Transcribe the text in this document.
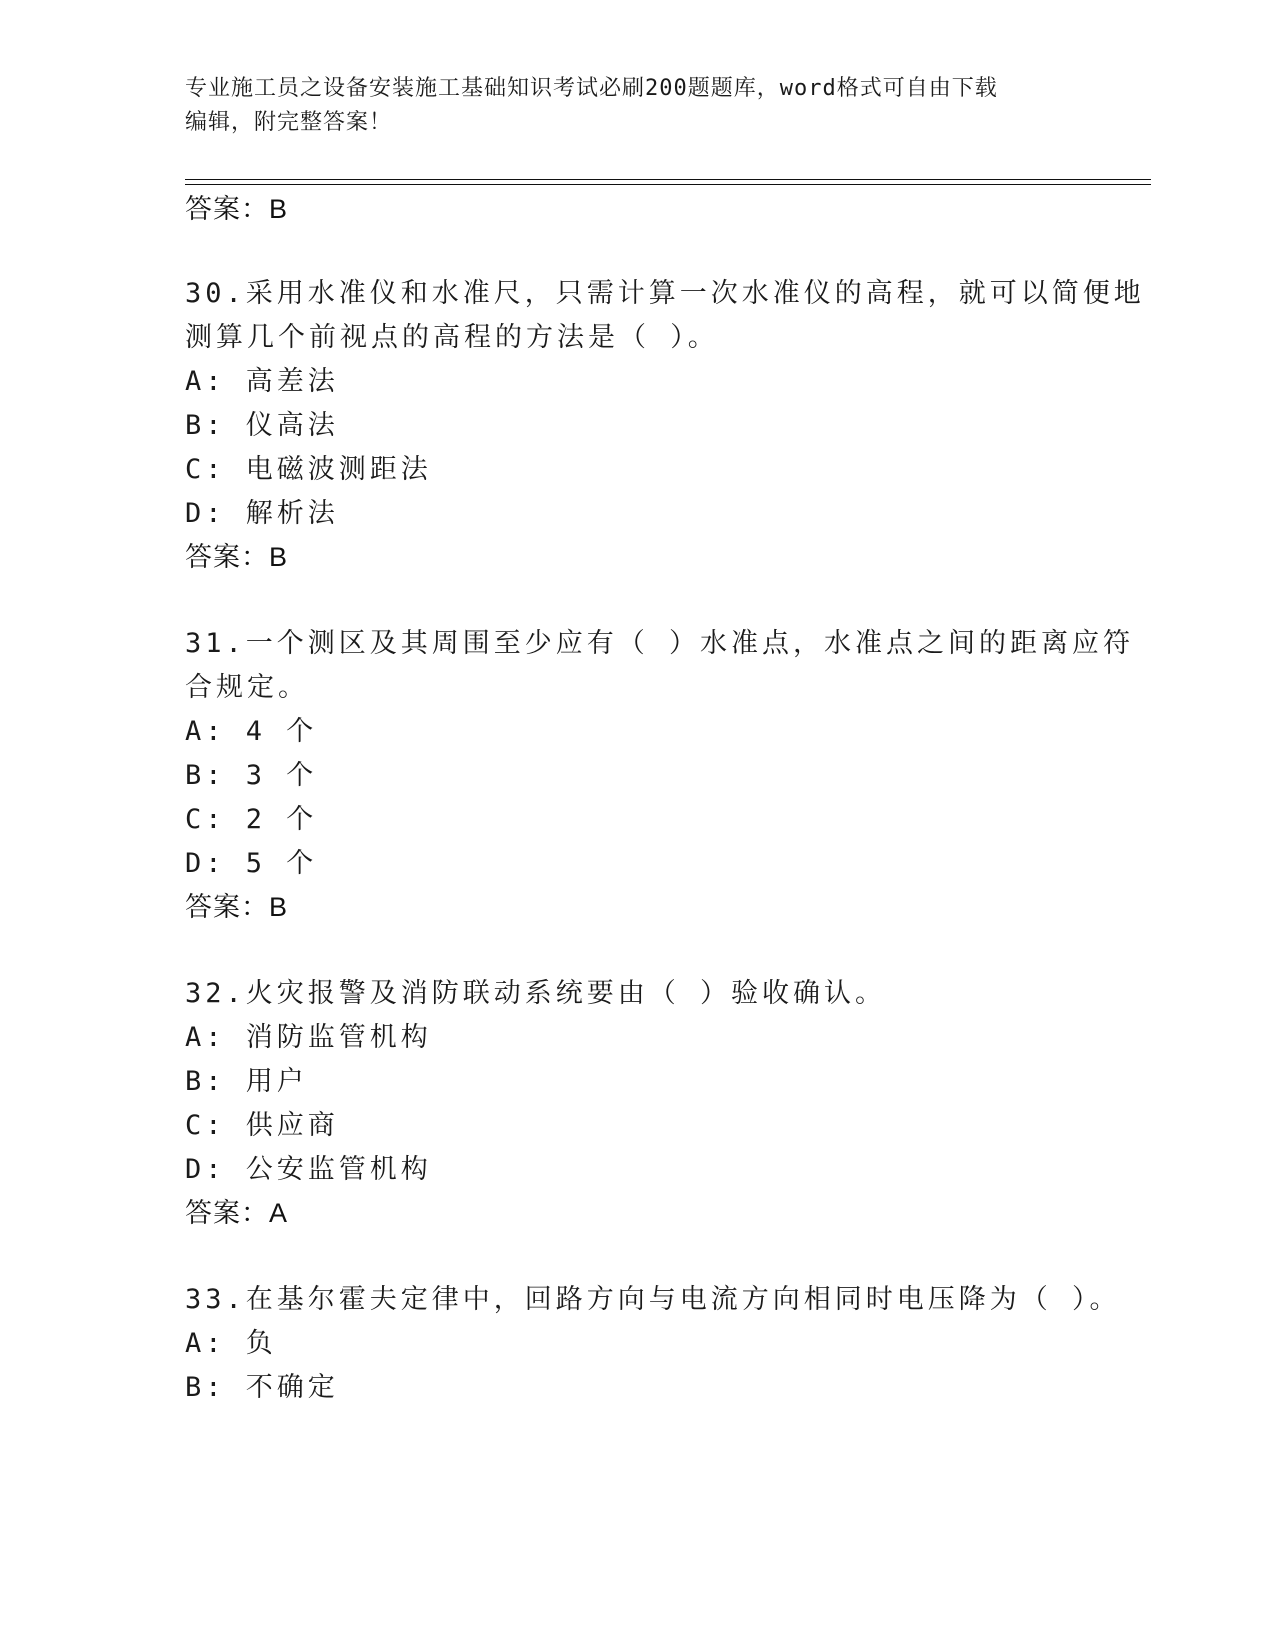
专业施工员之设备安装施工基础知识考试必刷200题题库，word格式可自由下载
编辑，附完整答案！
答案：B
30.采用水准仪和水准尺，只需计算一次水准仪的高程，就可以简便地
测算几个前视点的高程的方法是（ ）。
A: 高差法
B: 仪高法
C: 电磁波测距法
D: 解析法
答案：B
31.一个测区及其周围至少应有（ ）水准点，水准点之间的距离应符
合规定。
A: 4 个
B: 3 个
C: 2 个
D: 5 个
答案：B
32.火灾报警及消防联动系统要由（ ）验收确认。
A: 消防监管机构
B: 用户
C: 供应商
D: 公安监管机构
答案：A
33.在基尔霍夫定律中，回路方向与电流方向相同时电压降为（ ）。
A: 负
B: 不确定
